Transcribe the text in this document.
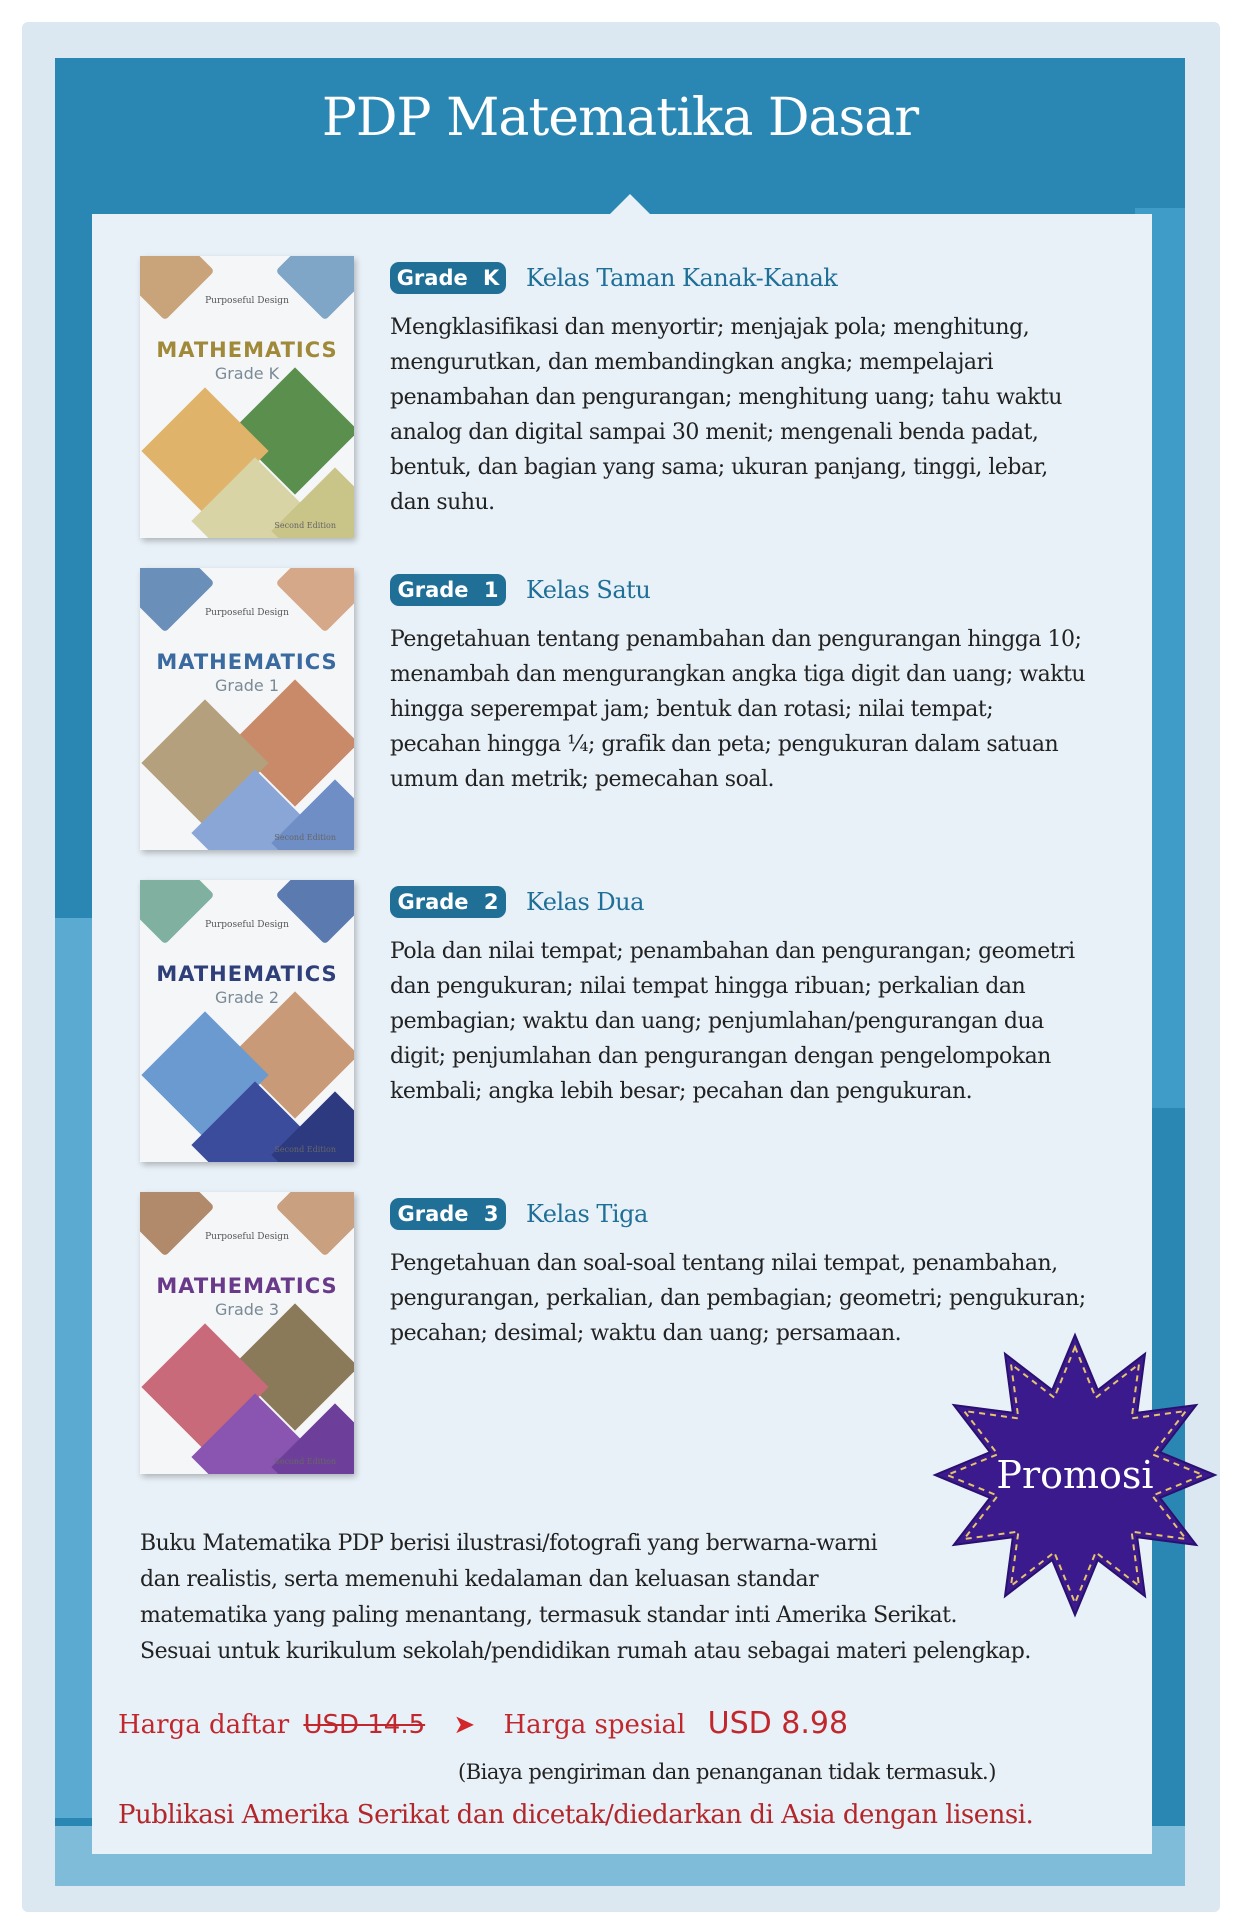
PDP Matematika Dasar
Purposeful Design
MATHEMATICS
Grade K
Second Edition
Grade K Kelas Taman Kanak-Kanak
Mengklasifikasi dan menyortir; menjajak pola; menghitung, mengurutkan, dan membandingkan angka; mempelajari penambahan dan pengurangan; menghitung uang; tahu waktu analog dan digital sampai 30 menit; mengenali benda padat, bentuk, dan bagian yang sama; ukuran panjang, tinggi, lebar, dan suhu.
Purposeful Design
MATHEMATICS
Grade 1
Second Edition
Grade 1	Kelas Satu
Pengetahuan tentang penambahan dan pengurangan hingga 10; menambah dan mengurangkan angka tiga digit dan uang; waktu hingga seperempat jam; bentuk dan rotasi; nilai tempat; pecahan hingga ¼; grafik dan peta; pengukuran dalam satuan umum dan metrik; pemecahan soal.
Purposeful Design
MATHEMATICS
Grade 2
Second Edition
Grade 2	Kelas Dua
Pola dan nilai tempat; penambahan dan pengurangan; geometri dan pengukuran; nilai tempat hingga ribuan; perkalian dan pembagian; waktu dan uang; penjumlahan/pengurangan dua digit; penjumlahan dan pengurangan dengan pengelompokan kembali; angka lebih besar; pecahan dan pengukuran.
Purposeful Design
MATHEMATICS
Grade 3
Second Edition
Grade 3	Kelas Tiga
Pengetahuan dan soal-soal tentang nilai tempat, penambahan, pengurangan, perkalian, dan pembagian; geometri; pengukuran; pecahan; desimal; waktu dan uang; persamaan.
Promosi
Buku Matematika PDP berisi ilustrasi/fotografi yang berwarna-warni
dan realistis, serta memenuhi kedalaman dan keluasan standar
matematika yang paling menantang, termasuk standar inti Amerika Serikat.
Sesuai untuk kurikulum sekolah/pendidikan rumah atau sebagai materi pelengkap.
Harga daftar USD 14.5 ➤ Harga spesial USD 8.98
(Biaya pengiriman dan penanganan tidak termasuk.)
Publikasi Amerika Serikat dan dicetak/diedarkan di Asia dengan lisensi.
